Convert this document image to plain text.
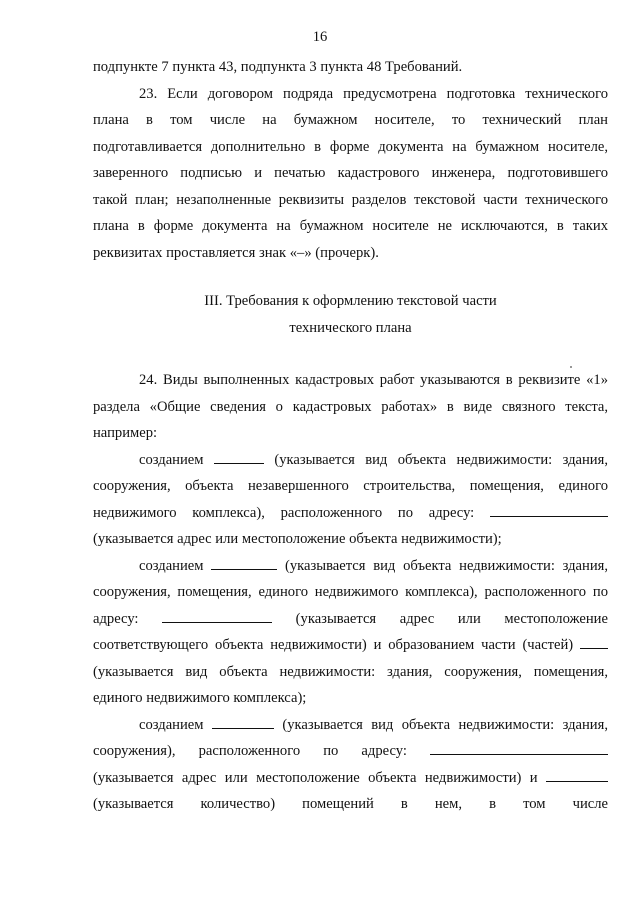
16
подпункте 7 пункта 43, подпункта 3 пункта 48 Требований.
23. Если договором подряда предусмотрена подготовка технического
плана в том числе на бумажном носителе, то технический план
подготавливается дополнительно в форме документа на бумажном носителе,
заверенного подписью и печатью кадастрового инженера, подготовившего
такой план; незаполненные реквизиты разделов текстовой части технического
плана в форме документа на бумажном носителе не исключаются, в таких
реквизитах проставляется знак «–» (прочерк).
III. Требования к оформлению текстовой части
технического плана
24. Виды выполненных кадастровых работ указываются в реквизите «1»
раздела «Общие сведения о кадастровых работах» в виде связного текста,
например:
созданием	(указывается вид объекта недвижимости: здания,
сооружения, объекта незавершенного строительства, помещения, единого
недвижимого комплекса), расположенного по адресу:
(указывается адрес или местоположение объекта недвижимости);
созданием	(указывается вид объекта недвижимости: здания,
сооружения, помещения, единого недвижимого комплекса), расположенного по
адресу:	(указывается адрес или местоположение
соответствующего объекта недвижимости) и образованием части (частей)
(указывается вид объекта недвижимости: здания, сооружения, помещения,
единого недвижимого комплекса);
созданием	(указывается вид объекта недвижимости: здания,
сооружения), расположенного по адресу:
(указывается адрес или местоположение объекта недвижимости) и
(указывается количество) помещений в нем, в том числе
